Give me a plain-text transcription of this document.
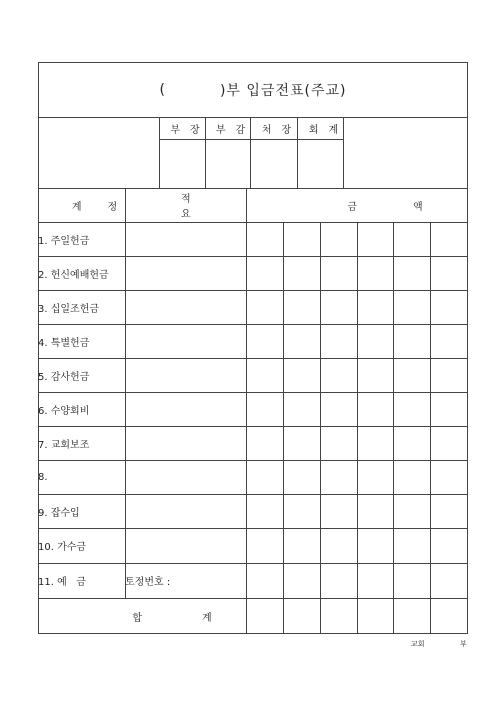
(	)부 입금전표(주교)
부장 부감 처장 회계
계정
적요
금액
1. 주일헌금
2. 헌신예배헌금
3. 십일조헌금
4. 특별헌금
5. 감사헌금
6. 수양회비
7. 교회보조
8.
9. 잡수입
10. 가수금
11. 예   금	토정번호 :
합계
교회	부
